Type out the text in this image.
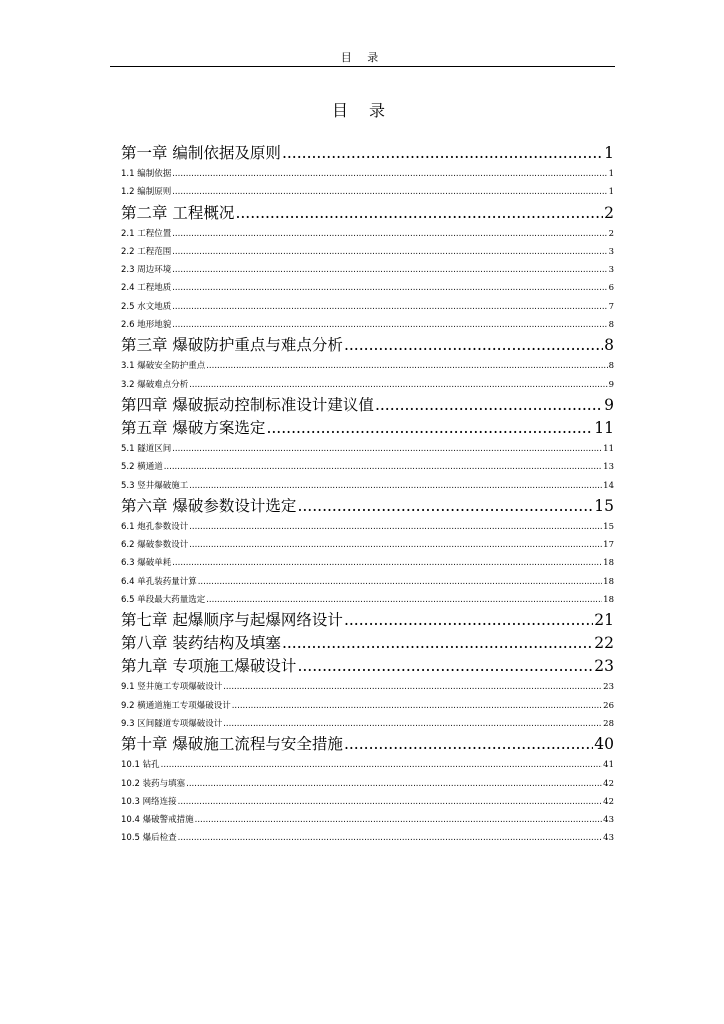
目 录
目 录
第一章 编制依据及原则 .....	1
1.1 编制依据 .....	1
1.2 编制原则 .....	1
第二章 工程概况 .....	2
2.1 工程位置 .....	2
2.2 工程范围 .....	3
2.3 周边环境 .....	3
2.4 工程地质 .....	6
2.5 水文地质 .....	7
2.6 地形地貌 .....	8
第三章 爆破防护重点与难点分析 .....	8
3.1 爆破安全防护重点 .....	8
3.2 爆破难点分析 .....	9
第四章 爆破振动控制标准设计建议值 .....	9
第五章 爆破方案选定 .....	11
5.1 隧道区间 .....	11
5.2 横通道 .....	13
5.3 竖井爆破施工 .....	14
第六章 爆破参数设计选定 .....	15
6.1 炮孔参数设计 .....	15
6.2 爆破参数设计 .....	17
6.3 爆破单耗 .....	18
6.4 单孔装药量计算 .....	18
6.5 单段最大药量选定 .....	18
第七章 起爆顺序与起爆网络设计 .....	21
第八章 装药结构及填塞 .....	22
第九章 专项施工爆破设计 .....	23
9.1 竖井施工专项爆破设计 .....	23
9.2 横通道施工专项爆破设计 .....	26
9.3 区间隧道专项爆破设计 .....	28
第十章 爆破施工流程与安全措施 .....	40
10.1 钻孔 .....	41
10.2 装药与填塞 .....	42
10.3 网络连接 .....	42
10.4 爆破警戒措施 .....	43
10.5 爆后检查 .....	43
